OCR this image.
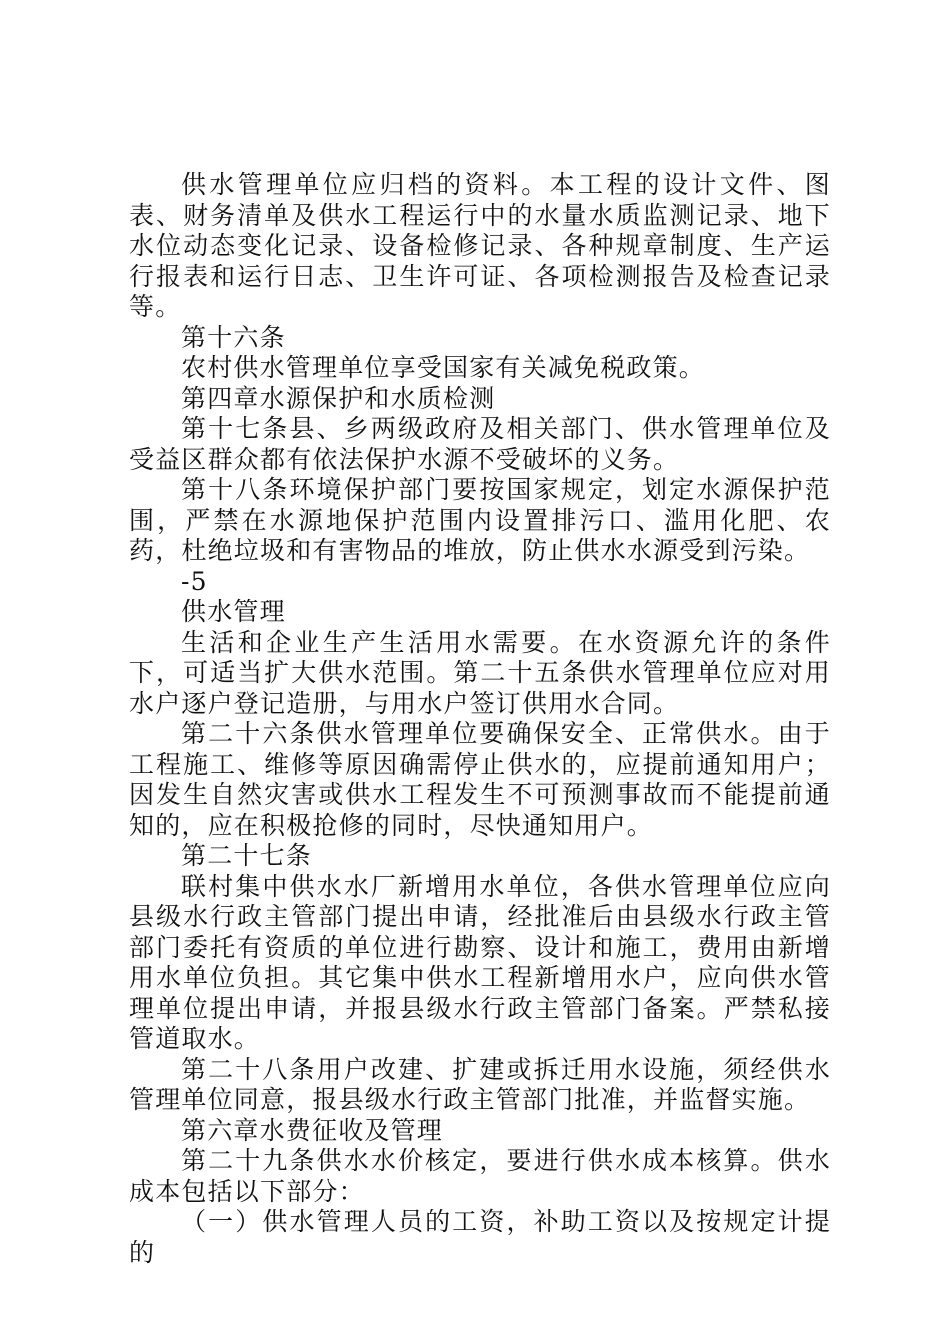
供水管理单位应归档的资料。本工程的设计文件、图表、财务清单及供水工程运行中的水量水质监测记录、地下水位动态变化记录、设备检修记录、各种规章制度、生产运行报表和运行日志、卫生许可证、各项检测报告及检查记录等。

第十六条

农村供水管理单位享受国家有关减免税政策。

第四章水源保护和水质检测

第十七条县、乡两级政府及相关部门、供水管理单位及受益区群众都有依法保护水源不受破坏的义务。

第十八条环境保护部门要按国家规定，划定水源保护范围，严禁在水源地保护范围内设置排污口、滥用化肥、农药，杜绝垃圾和有害物品的堆放，防止供水水源受到污染。

-5

供水管理

生活和企业生产生活用水需要。在水资源允许的条件下，可适当扩大供水范围。第二十五条供水管理单位应对用水户逐户登记造册，与用水户签订供用水合同。

第二十六条供水管理单位要确保安全、正常供水。由于工程施工、维修等原因确需停止供水的，应提前通知用户；因发生自然灾害或供水工程发生不可预测事故而不能提前通知的，应在积极抢修的同时，尽快通知用户。

第二十七条

联村集中供水水厂新增用水单位，各供水管理单位应向县级水行政主管部门提出申请，经批准后由县级水行政主管部门委托有资质的单位进行勘察、设计和施工，费用由新增用水单位负担。其它集中供水工程新增用水户，应向供水管理单位提出申请，并报县级水行政主管部门备案。严禁私接管道取水。

第二十八条用户改建、扩建或拆迁用水设施，须经供水管理单位同意，报县级水行政主管部门批准，并监督实施。

第六章水费征收及管理

第二十九条供水水价核定，要进行供水成本核算。供水成本包括以下部分：

（一）供水管理人员的工资，补助工资以及按规定计提的
